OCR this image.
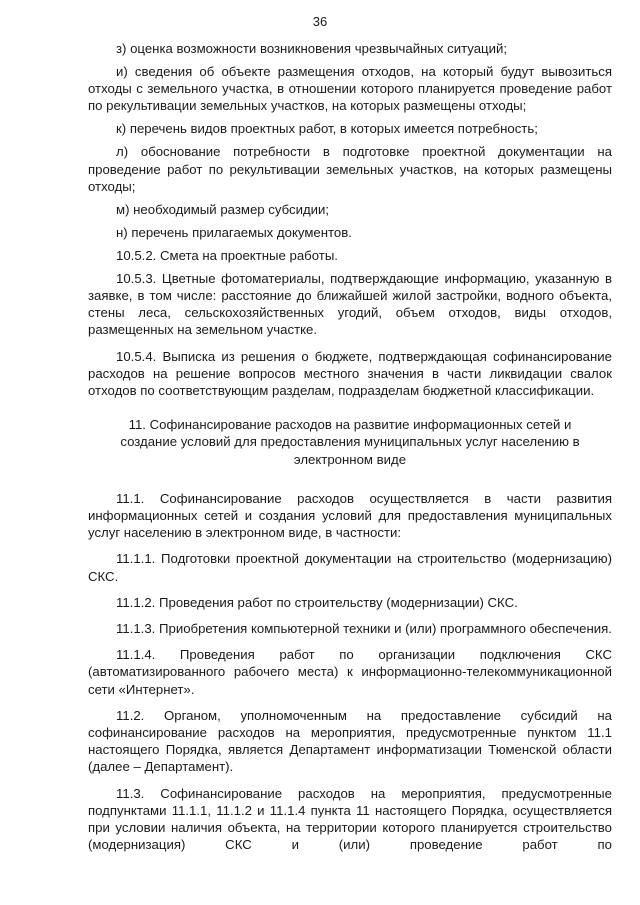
36

з) оценка возможности возникновения чрезвычайных ситуаций;

и) сведения об объекте размещения отходов, на который будут вывозиться отходы с земельного участка, в отношении которого планируется проведение работ по рекультивации земельных участков, на которых размещены отходы;

к) перечень видов проектных работ, в которых имеется потребность;

л) обоснование потребности в подготовке проектной документации на проведение работ по рекультивации земельных участков, на которых размещены отходы;

м) необходимый размер субсидии;

н) перечень прилагаемых документов.

10.5.2. Смета на проектные работы.

10.5.3. Цветные фотоматериалы, подтверждающие информацию, указанную в заявке, в том числе: расстояние до ближайшей жилой застройки, водного объекта, стены леса, сельскохозяйственных угодий, объем отходов, виды отходов, размещенных на земельном участке.

10.5.4. Выписка из решения о бюджете, подтверждающая софинансирование расходов на решение вопросов местного значения в части ликвидации свалок отходов по соответствующим разделам, подразделам бюджетной классификации.

11. Софинансирование расходов на развитие информационных сетей и создание условий для предоставления муниципальных услуг населению в электронном виде

11.1. Софинансирование расходов осуществляется в части развития информационных сетей и создания условий для предоставления муниципальных услуг населению в электронном виде, в частности:

11.1.1. Подготовки проектной документации на строительство (модернизацию) СКС.

11.1.2. Проведения работ по строительству (модернизации) СКС.

11.1.3. Приобретения компьютерной техники и (или) программного обеспечения.

11.1.4. Проведения работ по организации подключения СКС (автоматизированного рабочего места) к информационно-телекоммуникационной сети «Интернет».

11.2. Органом, уполномоченным на предоставление субсидий на софинансирование расходов на мероприятия, предусмотренные пунктом 11.1 настоящего Порядка, является Департамент информатизации Тюменской области (далее – Департамент).

11.3. Софинансирование расходов на мероприятия, предусмотренные подпунктами 11.1.1, 11.1.2 и 11.1.4 пункта 11 настоящего Порядка, осуществляется при условии наличия объекта, на территории которого планируется строительство (модернизация) СКС и (или) проведение работ по
